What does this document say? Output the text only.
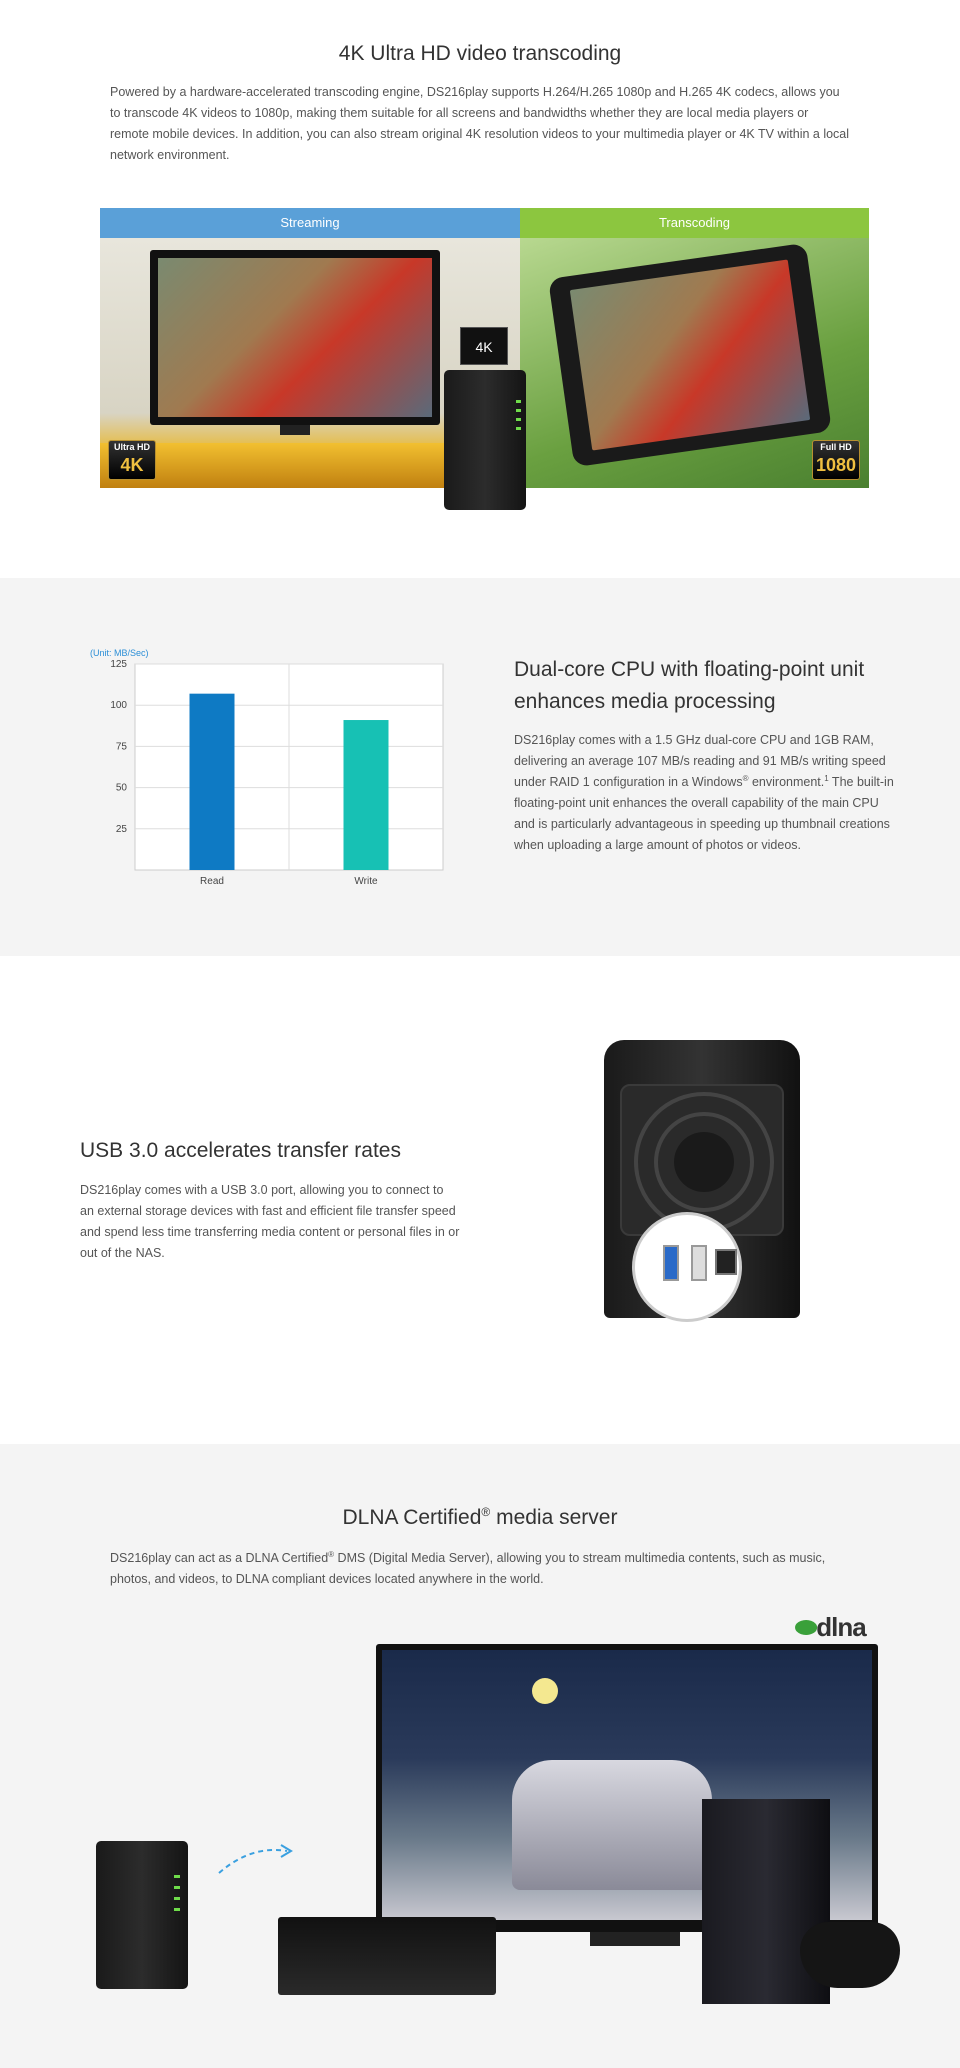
4K Ultra HD video transcoding

Powered by a hardware-accelerated transcoding engine, DS216play supports H.264/H.265 1080p and H.265 4K codecs, allows you to transcode 4K videos to 1080p, making them suitable for all screens and bandwidths whether they are local media players or remote mobile devices. In addition, you can also stream original 4K resolution videos to your multimedia player or 4K TV within a local network environment.

Streaming	Transcoding
Ultra HD
4K
Full HD
1080
4K
(Unit: MB/Sec)
25
50
75
100
125
Read	Write
Dual-core CPU with floating-point unit enhances media processing

DS216play comes with a 1.5 GHz dual-core CPU and 1GB RAM, delivering an average 107 MB/s reading and 91 MB/s writing speed under RAID 1 configuration in a Windows® environment.$^1$ The built-in floating-point unit enhances the overall capability of the main CPU and is particularly advantageous in speeding up thumbnail creations when uploading a large amount of photos or videos.

USB 3.0 accelerates transfer rates

DS216play comes with a USB 3.0 port, allowing you to connect to an external storage devices with fast and efficient file transfer speed and spend less time transferring media content or personal files in or out of the NAS.

DLNA Certified® media server

DS216play can act as a DLNA Certified® DMS (Digital Media Server), allowing you to stream multimedia contents, such as music, photos, and videos, to DLNA compliant devices located anywhere in the world.

⬬dlna
